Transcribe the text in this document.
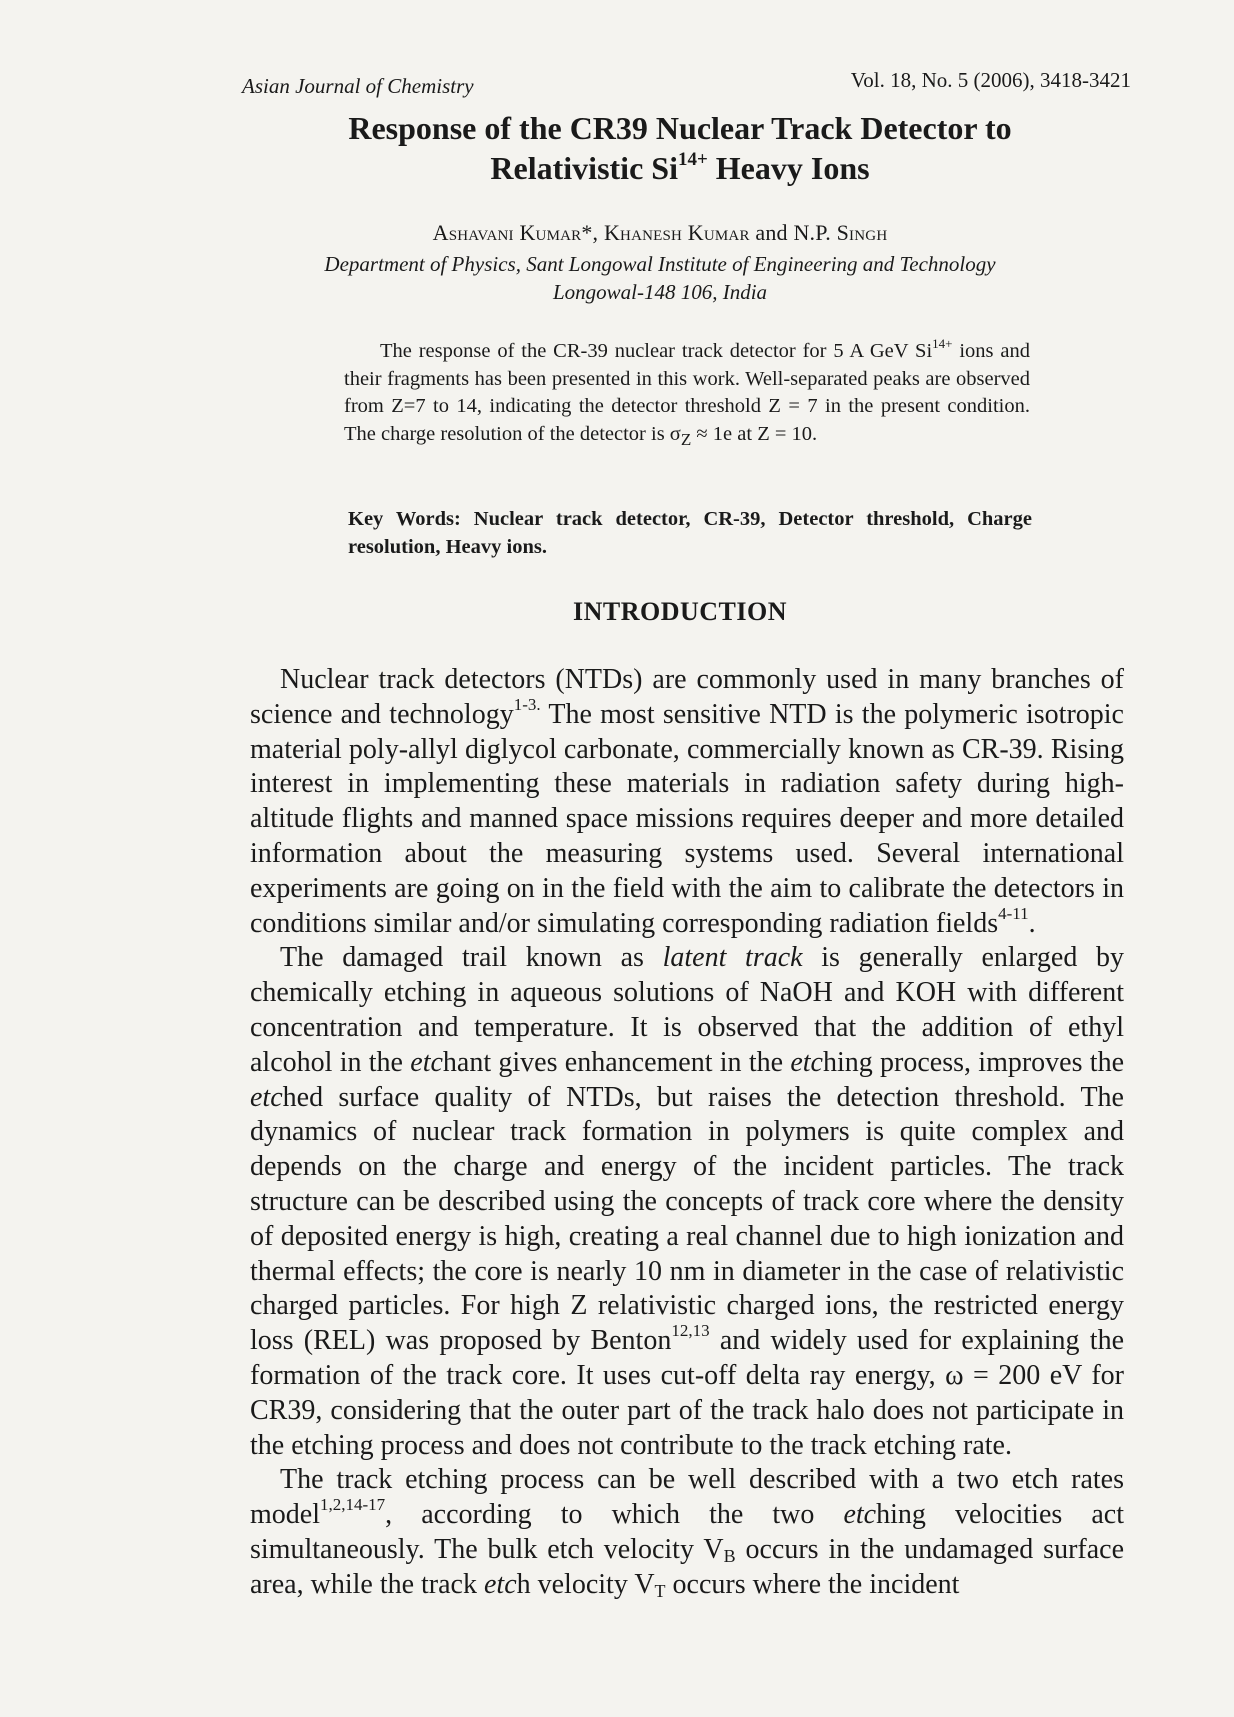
Asian Journal of Chemistry	Vol. 18, No. 5 (2006), 3418-3421
Response of the CR39 Nuclear Track Detector to
Relativistic $Si^{14+}$ Heavy Ions
Ashavani Kumar*, Khanesh Kumar and N.P. Singh
Department of Physics, Sant Longowal Institute of Engineering and Technology
Longowal-148 106, India
The response of the CR-39 nuclear track detector for 5 A GeV $Si^{14+}$ ions and their fragments has been presented in this work. Well-separated peaks are observed from Z=7 to 14, indicating the detector threshold Z = 7 in the present condition. The charge resolution of the detector is $\sigma_Z \approx 1e$ at Z = 10.
Key Words: Nuclear track detector, CR-39, Detector threshold, Charge resolution, Heavy ions.
INTRODUCTION

Nuclear track detectors (NTDs) are commonly used in many branches of science and technology$^{1-3.}$ The most sensitive NTD is the polymeric isotropic material poly-allyl diglycol carbonate, commercially known as CR-39. Rising interest in implementing these materials in radiation safety during high-altitude flights and manned space missions requires deeper and more detailed information about the measuring systems used. Several international experiments are going on in the field with the aim to calibrate the detectors in conditions similar and/or simulating corresponding radiation fields$^{4-11}$.

The damaged trail known as latent track is generally enlarged by chemically etching in aqueous solutions of NaOH and KOH with different concentration and temperature. It is observed that the addition of ethyl alcohol in the etchant gives enhancement in the etching process, improves the etched surface quality of NTDs, but raises the detection threshold. The dynamics of nuclear track formation in polymers is quite complex and depends on the charge and energy of the incident particles. The track structure can be described using the concepts of track core where the density of deposited energy is high, creating a real channel due to high ionization and thermal effects; the core is nearly 10 nm in diameter in the case of relativistic charged particles. For high Z relativistic charged ions, the restricted energy loss (REL) was proposed by Benton$^{12,13}$ and widely used for explaining the formation of the track core. It uses cut-off delta ray energy, ω = 200 eV for CR39, considering that the outer part of the track halo does not participate in the etching process and does not contribute to the track etching rate.

The track etching process can be well described with a two etch rates model$^{1,2,14-17}$, according to which the two etching velocities act simultaneously. The bulk etch velocity $V_B$ occurs in the undamaged surface area, while the track etch velocity $V_T$ occurs where the incident
